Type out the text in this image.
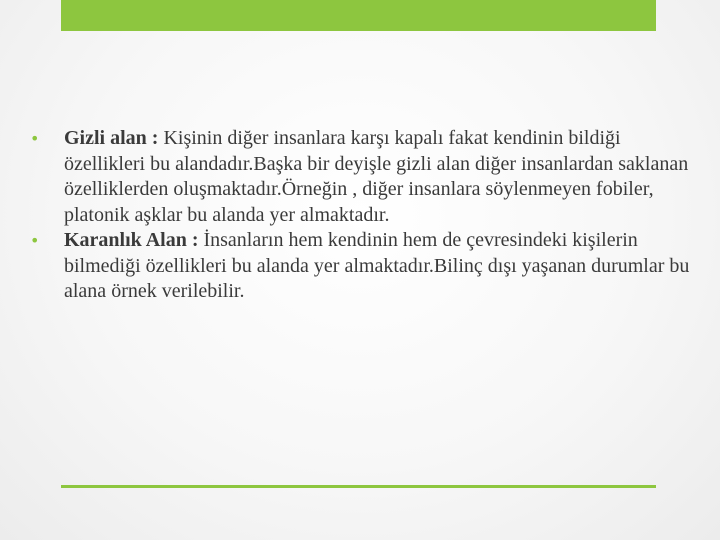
•	Gizli alan : Kişinin diğer insanlara karşı kapalı fakat kendinin bildiği özellikleri bu alandadır.Başka bir deyişle gizli alan diğer insanlardan saklanan özelliklerden oluşmaktadır.Örneğin , diğer insanlara söylenmeyen fobiler, platonik aşklar bu alanda yer almaktadır.
•	Karanlık Alan : İnsanların hem kendinin hem de çevresindeki kişilerin bilmediği özellikleri bu alanda yer almaktadır.Bilinç dışı yaşanan durumlar bu alana örnek verilebilir.
